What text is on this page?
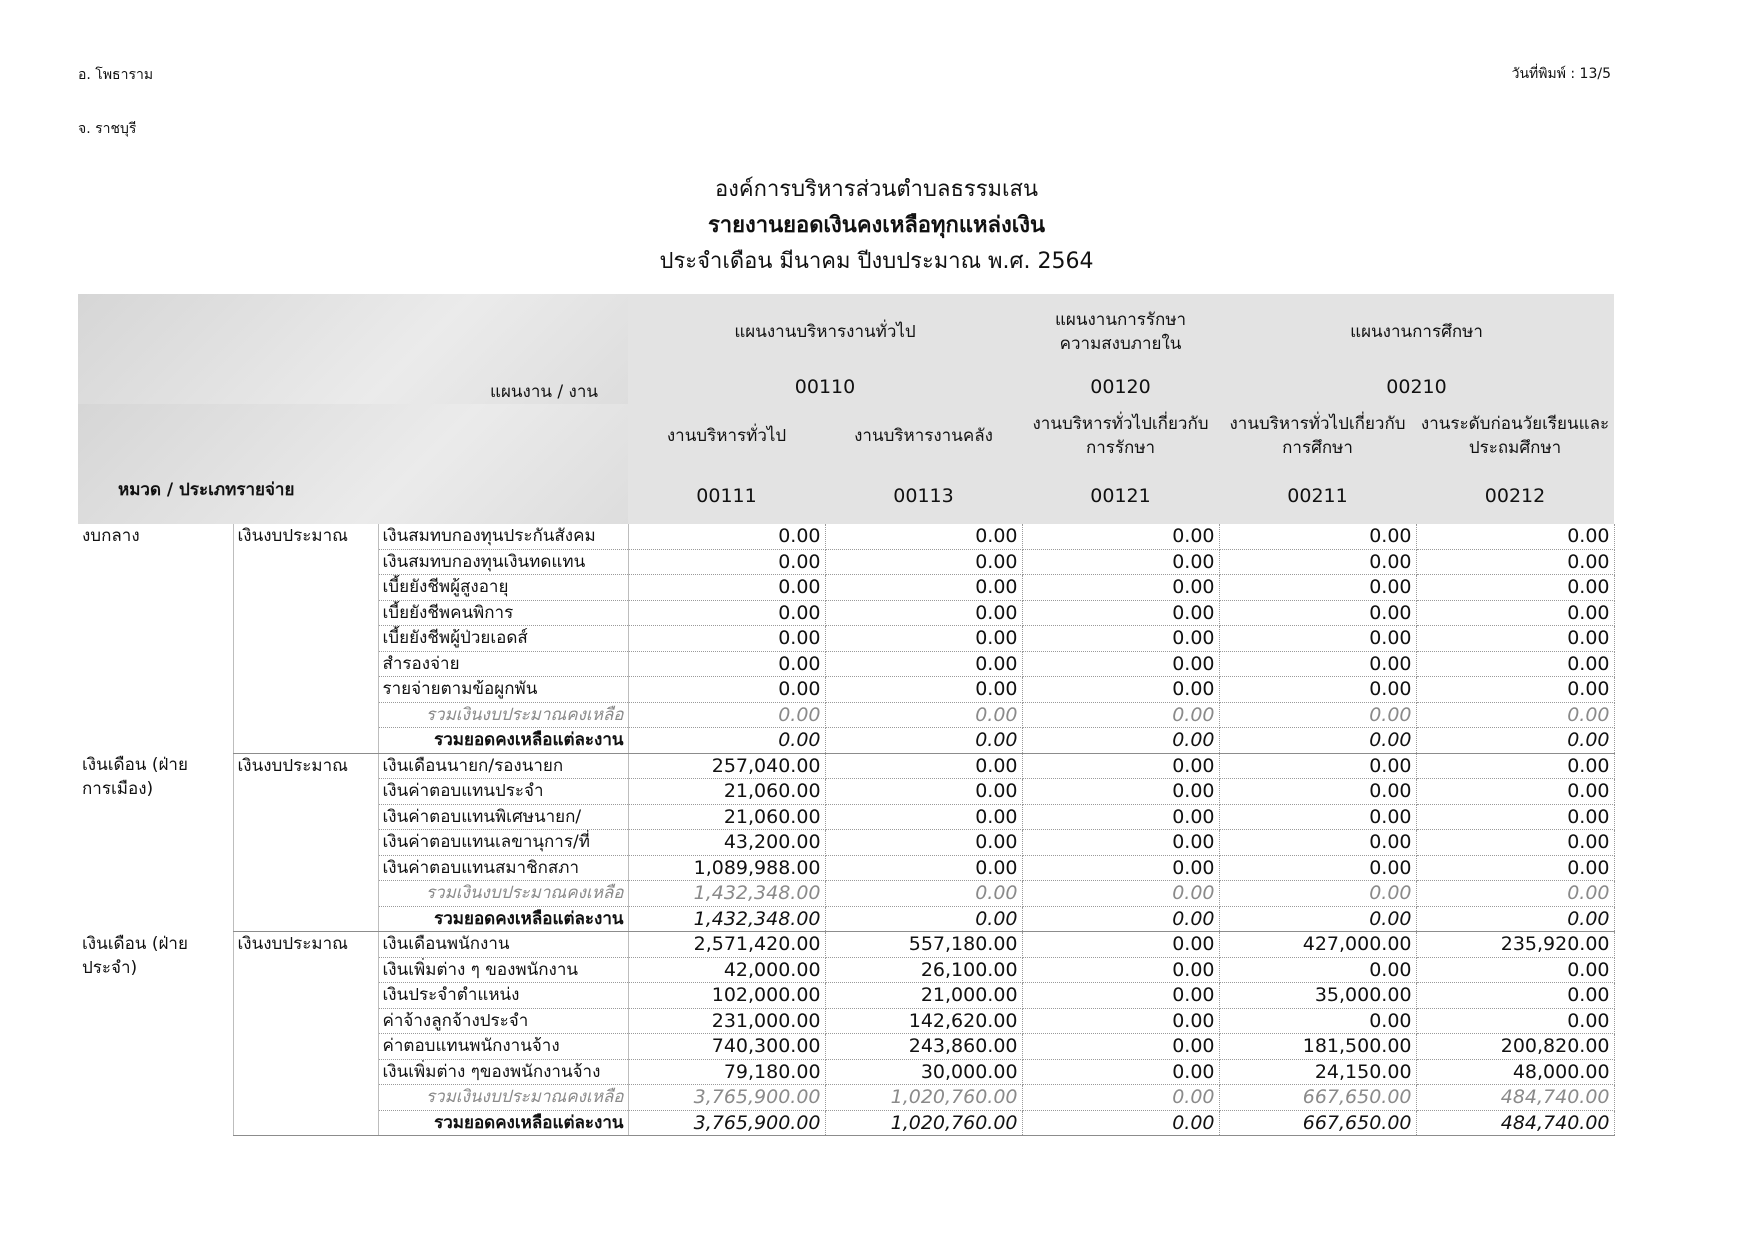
อ. โพธาราม
จ. ราชบุรี
วันที่พิมพ์ : 13/5
องค์การบริหารส่วนตำบลธรรมเสน
รายงานยอดเงินคงเหลือทุกแหล่งเงิน
ประจำเดือน มีนาคม ปีงบประมาณ พ.ศ. 2564
แผนงาน / งาน			แผนงานบริหารงานทั่วไป		แผนงานการรักษาความสงบภายใน	แผนงานการศึกษา	
			00110		00120	00210	
			งานบริหารทั่วไป	งานบริหารงานคลัง	งานบริหารทั่วไปเกี่ยวกับการรักษา	งานบริหารทั่วไปเกี่ยวกับการศึกษา	งานระดับก่อนวัยเรียนและประถมศึกษา
			00111	00113	00121	00211	00212
งบกลาง	เงินงบประมาณ	เงินสมทบกองทุนประกันสังคม	0.00	0.00	0.00	0.00	0.00
		เงินสมทบกองทุนเงินทดแทน	0.00	0.00	0.00	0.00	0.00
		เบี้ยยังชีพผู้สูงอายุ	0.00	0.00	0.00	0.00	0.00
		เบี้ยยังชีพคนพิการ	0.00	0.00	0.00	0.00	0.00
		เบี้ยยังชีพผู้ป่วยเอดส์	0.00	0.00	0.00	0.00	0.00
		สำรองจ่าย	0.00	0.00	0.00	0.00	0.00
		รายจ่ายตามข้อผูกพัน	0.00	0.00	0.00	0.00	0.00
		รวมเงินงบประมาณคงเหลือ	0.00	0.00	0.00	0.00	0.00
		รวมยอดคงเหลือแต่ละงาน	0.00	0.00	0.00	0.00	0.00
เงินเดือน (ฝ่ายการเมือง)	เงินงบประมาณ	เงินเดือนนายก/รองนายก	257,040.00	0.00	0.00	0.00	0.00
		เงินค่าตอบแทนประจำ	21,060.00	0.00	0.00	0.00	0.00
		เงินค่าตอบแทนพิเศษนายก/	21,060.00	0.00	0.00	0.00	0.00
		เงินค่าตอบแทนเลขานุการ/ที่	43,200.00	0.00	0.00	0.00	0.00
		เงินค่าตอบแทนสมาชิกสภา	1,089,988.00	0.00	0.00	0.00	0.00
		รวมเงินงบประมาณคงเหลือ	1,432,348.00	0.00	0.00	0.00	0.00
		รวมยอดคงเหลือแต่ละงาน	1,432,348.00	0.00	0.00	0.00	0.00
เงินเดือน (ฝ่ายประจำ)	เงินงบประมาณ	เงินเดือนพนักงาน	2,571,420.00	557,180.00	0.00	427,000.00	235,920.00
		เงินเพิ่มต่าง ๆ ของพนักงาน	42,000.00	26,100.00	0.00	0.00	0.00
		เงินประจำตำแหน่ง	102,000.00	21,000.00	0.00	35,000.00	0.00
		ค่าจ้างลูกจ้างประจำ	231,000.00	142,620.00	0.00	0.00	0.00
		ค่าตอบแทนพนักงานจ้าง	740,300.00	243,860.00	0.00	181,500.00	200,820.00
		เงินเพิ่มต่าง ๆของพนักงานจ้าง	79,180.00	30,000.00	0.00	24,150.00	48,000.00
		รวมเงินงบประมาณคงเหลือ	3,765,900.00	1,020,760.00	0.00	667,650.00	484,740.00
		รวมยอดคงเหลือแต่ละงาน	3,765,900.00	1,020,760.00	0.00	667,650.00	484,740.00
หมวด / ประเภทรายจ่าย
